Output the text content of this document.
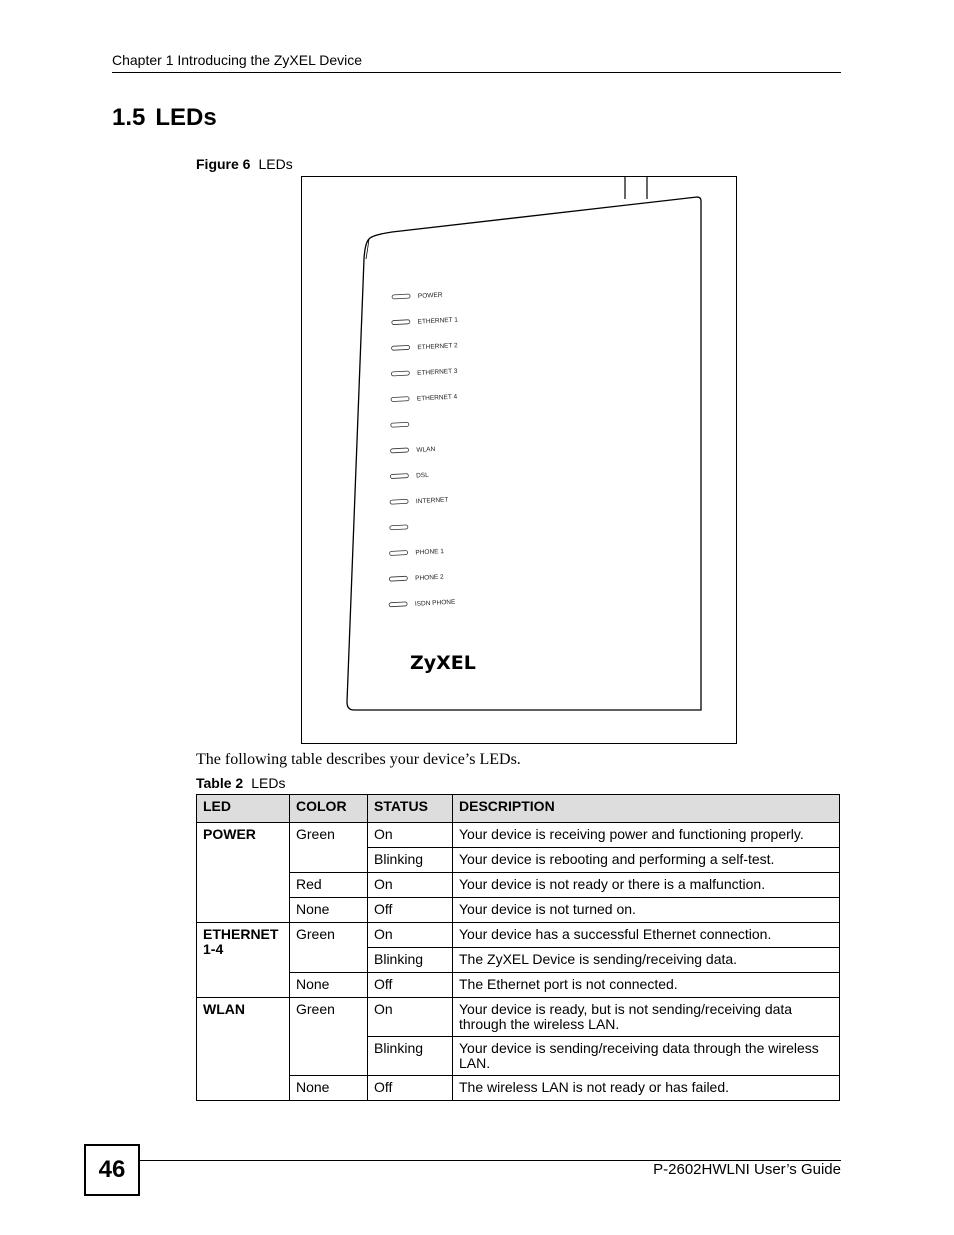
Chapter 1 Introducing the ZyXEL Device
1.5 LEDs
Figure 6 LEDs
POWER
ETHERNET 1
ETHERNET 2
ETHERNET 3
ETHERNET 4
WLAN
DSL
INTERNET
PHONE 1
PHONE 2
ISDN PHONE
ZyXEL
The following table describes your device’s LEDs.
Table 2 LEDs
LED	COLOR	STATUS	DESCRIPTION
POWER	Green	On	Your device is receiving power and functioning properly.
		Blinking	Your device is rebooting and performing a self-test.
	Red	On	Your device is not ready or there is a malfunction.
	None	Off	Your device is not turned on.
ETHERNET 1-4	Green	On	Your device has a successful Ethernet connection.
		Blinking	The ZyXEL Device is sending/receiving data.
	None	Off	The Ethernet port is not connected.
WLAN	Green	On	Your device is ready, but is not sending/receiving data through the wireless LAN.
		Blinking	Your device is sending/receiving data through the wireless LAN.
	None	Off	The wireless LAN is not ready or has failed.
46	P-2602HWLNI User’s Guide
